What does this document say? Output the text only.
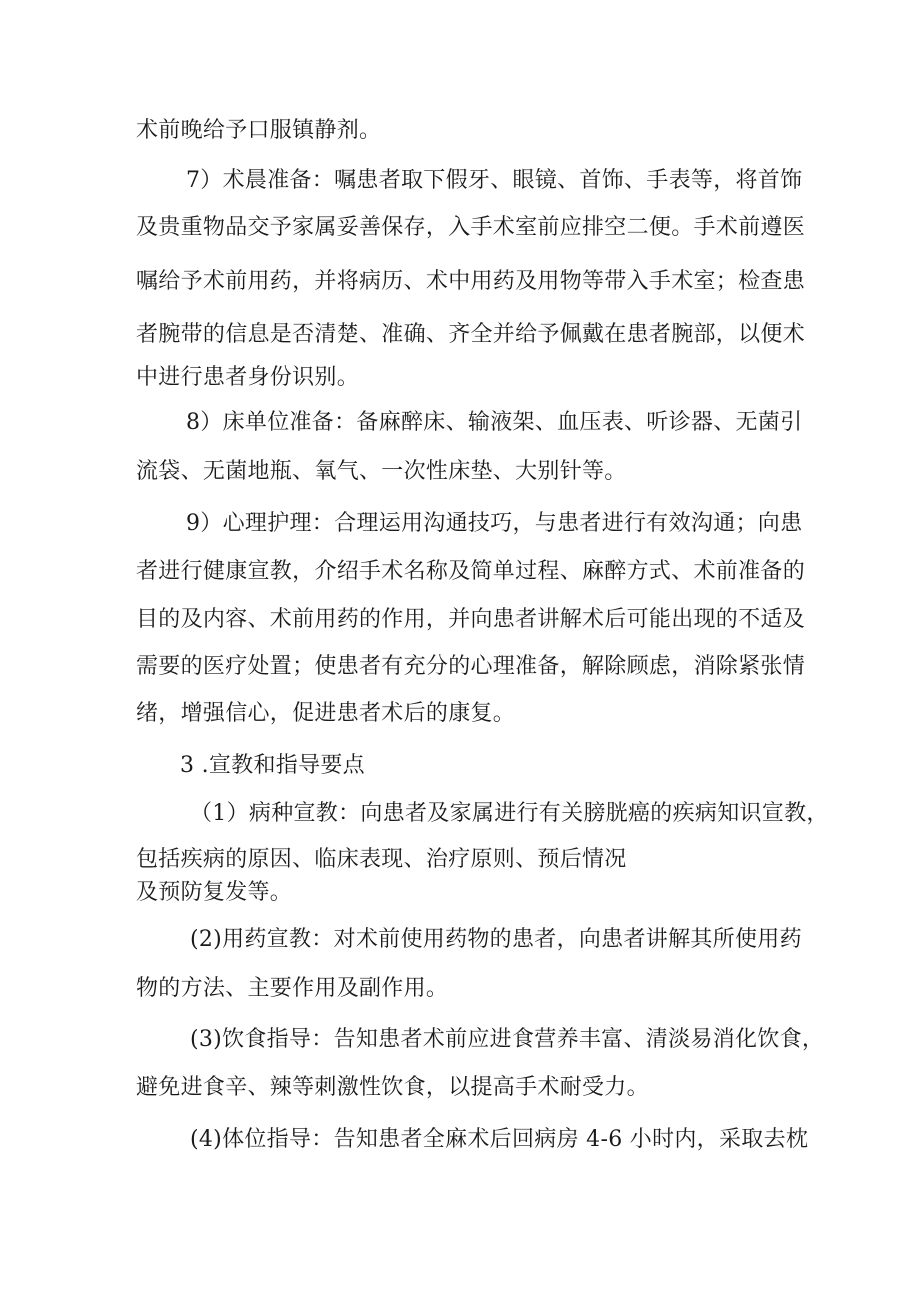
术前晚给予口服镇静剂。
7）术晨准备：嘱患者取下假牙、眼镜、首饰、手表等，将首饰
及贵重物品交予家属妥善保存，入手术室前应排空二便。手术前遵医
嘱给予术前用药，并将病历、术中用药及用物等带入手术室；检查患
者腕带的信息是否清楚、准确、齐全并给予佩戴在患者腕部，以便术
中进行患者身份识别。
8）床单位准备：备麻醉床、输液架、血压表、听诊器、无菌引
流袋、无菌地瓶、氧气、一次性床垫、大别针等。
9）心理护理：合理运用沟通技巧，与患者进行有效沟通；向患
者进行健康宣教，介绍手术名称及简单过程、麻醉方式、术前准备的
目的及内容、术前用药的作用，并向患者讲解术后可能出现的不适及
需要的医疗处置；使患者有充分的心理准备，解除顾虑，消除紧张情
绪，增强信心，促进患者术后的康复。
3 .宣教和指导要点
（1）病种宣教：向患者及家属进行有关膀胱癌的疾病知识宣教，
包括疾病的原因、临床表现、治疗原则、预后情况
及预防复发等。
(2)用药宣教：对术前使用药物的患者，向患者讲解其所使用药
物的方法、主要作用及副作用。
(3)饮食指导：告知患者术前应进食营养丰富、清淡易消化饮食，
避免进食辛、辣等刺激性饮食，以提高手术耐受力。
(4)体位指导：告知患者全麻术后回病房 4-6 小时内，采取去枕
